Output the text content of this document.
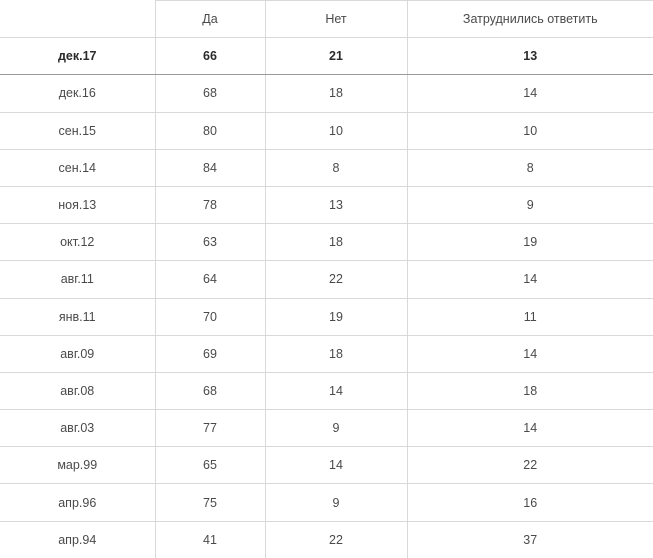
	Да	Нет	Затруднились ответить
дек.17	66	21	13
дек.16	68	18	14
сен.15	80	10	10
сен.14	84	8	8
ноя.13	78	13	9
окт.12	63	18	19
авг.11	64	22	14
янв.11	70	19	11
авг.09	69	18	14
авг.08	68	14	18
авг.03	77	9	14
мар.99	65	14	22
апр.96	75	9	16
апр.94	41	22	37
